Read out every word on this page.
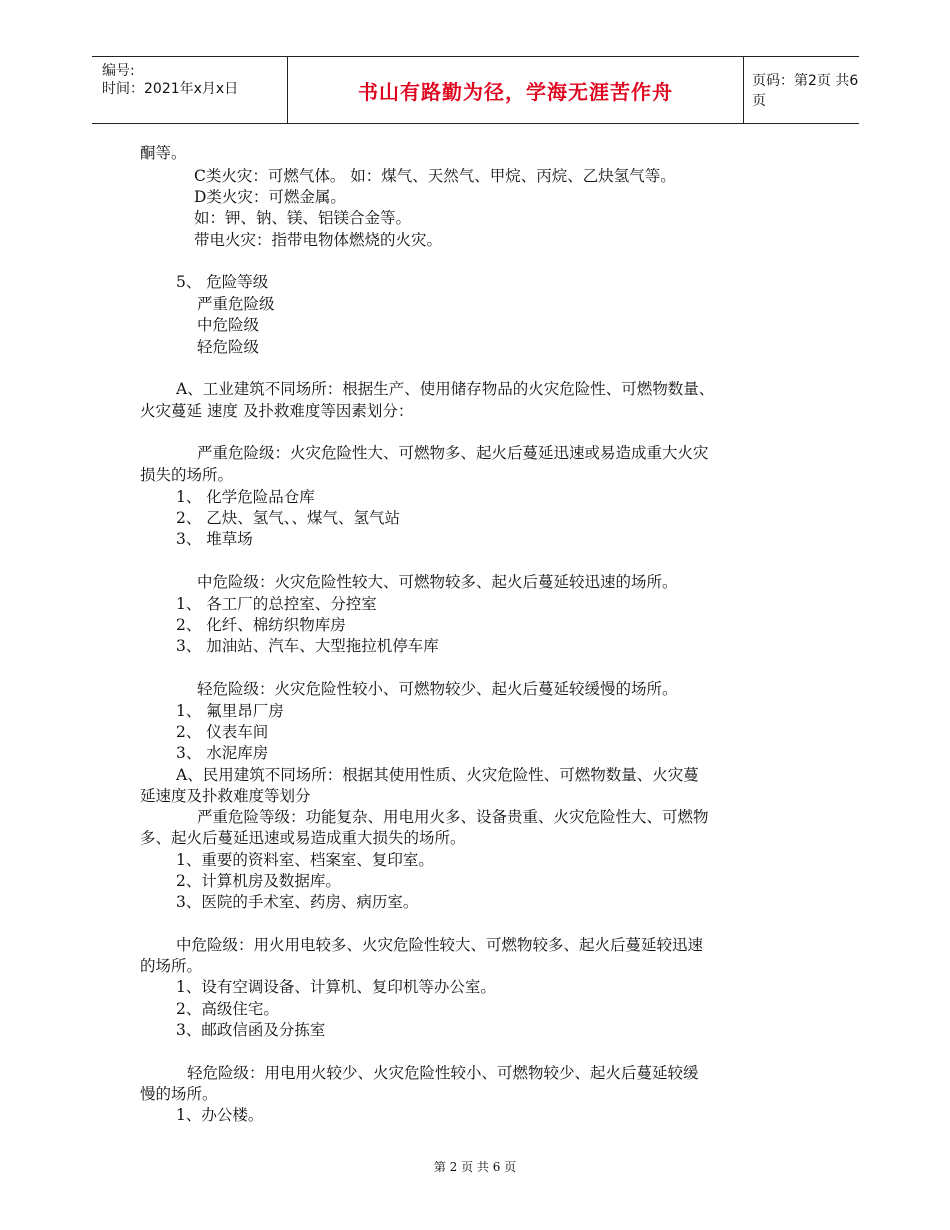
编号:
时间：2021年x月x日	书山有路勤为径，学海无涯苦作舟	页码：第2页 共6页
酮等。
C类火灾：可燃气体。 如：煤气、天然气、甲烷、丙烷、乙炔氢气等。
D类火灾：可燃金属。
如：钾、钠、镁、铝镁合金等。
带电火灾：指带电物体燃烧的火灾。
5、 危险等级
严重危险级
中危险级
轻危险级
A、工业建筑不同场所：根据生产、使用储存物品的火灾危险性、可燃物数量、
火灾蔓延 速度 及扑救难度等因素划分：
严重危险级：火灾危险性大、可燃物多、起火后蔓延迅速或易造成重大火灾
损失的场所。
1、 化学危险品仓库
2、 乙炔、氢气、、煤气、氢气站
3、 堆草场
中危险级：火灾危险性较大、可燃物较多、起火后蔓延较迅速的场所。
1、 各工厂的总控室、分控室
2、 化纤、棉纺织物库房
3、 加油站、汽车、大型拖拉机停车库
轻危险级：火灾危险性较小、可燃物较少、起火后蔓延较缓慢的场所。
1、 氟里昂厂房
2、 仪表车间
3、 水泥库房
A、民用建筑不同场所：根据其使用性质、火灾危险性、可燃物数量、火灾蔓
延速度及扑救难度等划分
严重危险等级：功能复杂、用电用火多、设备贵重、火灾危险性大、可燃物
多、起火后蔓延迅速或易造成重大损失的场所。
1、重要的资料室、档案室、复印室。
2、计算机房及数据库。
3、医院的手术室、药房、病历室。
中危险级：用火用电较多、火灾危险性较大、可燃物较多、起火后蔓延较迅速
的场所。
1、设有空调设备、计算机、复印机等办公室。
2、高级住宅。
3、邮政信函及分拣室
轻危险级：用电用火较少、火灾危险性较小、可燃物较少、起火后蔓延较缓
慢的场所。
1、办公楼。
第 2 页 共 6 页
